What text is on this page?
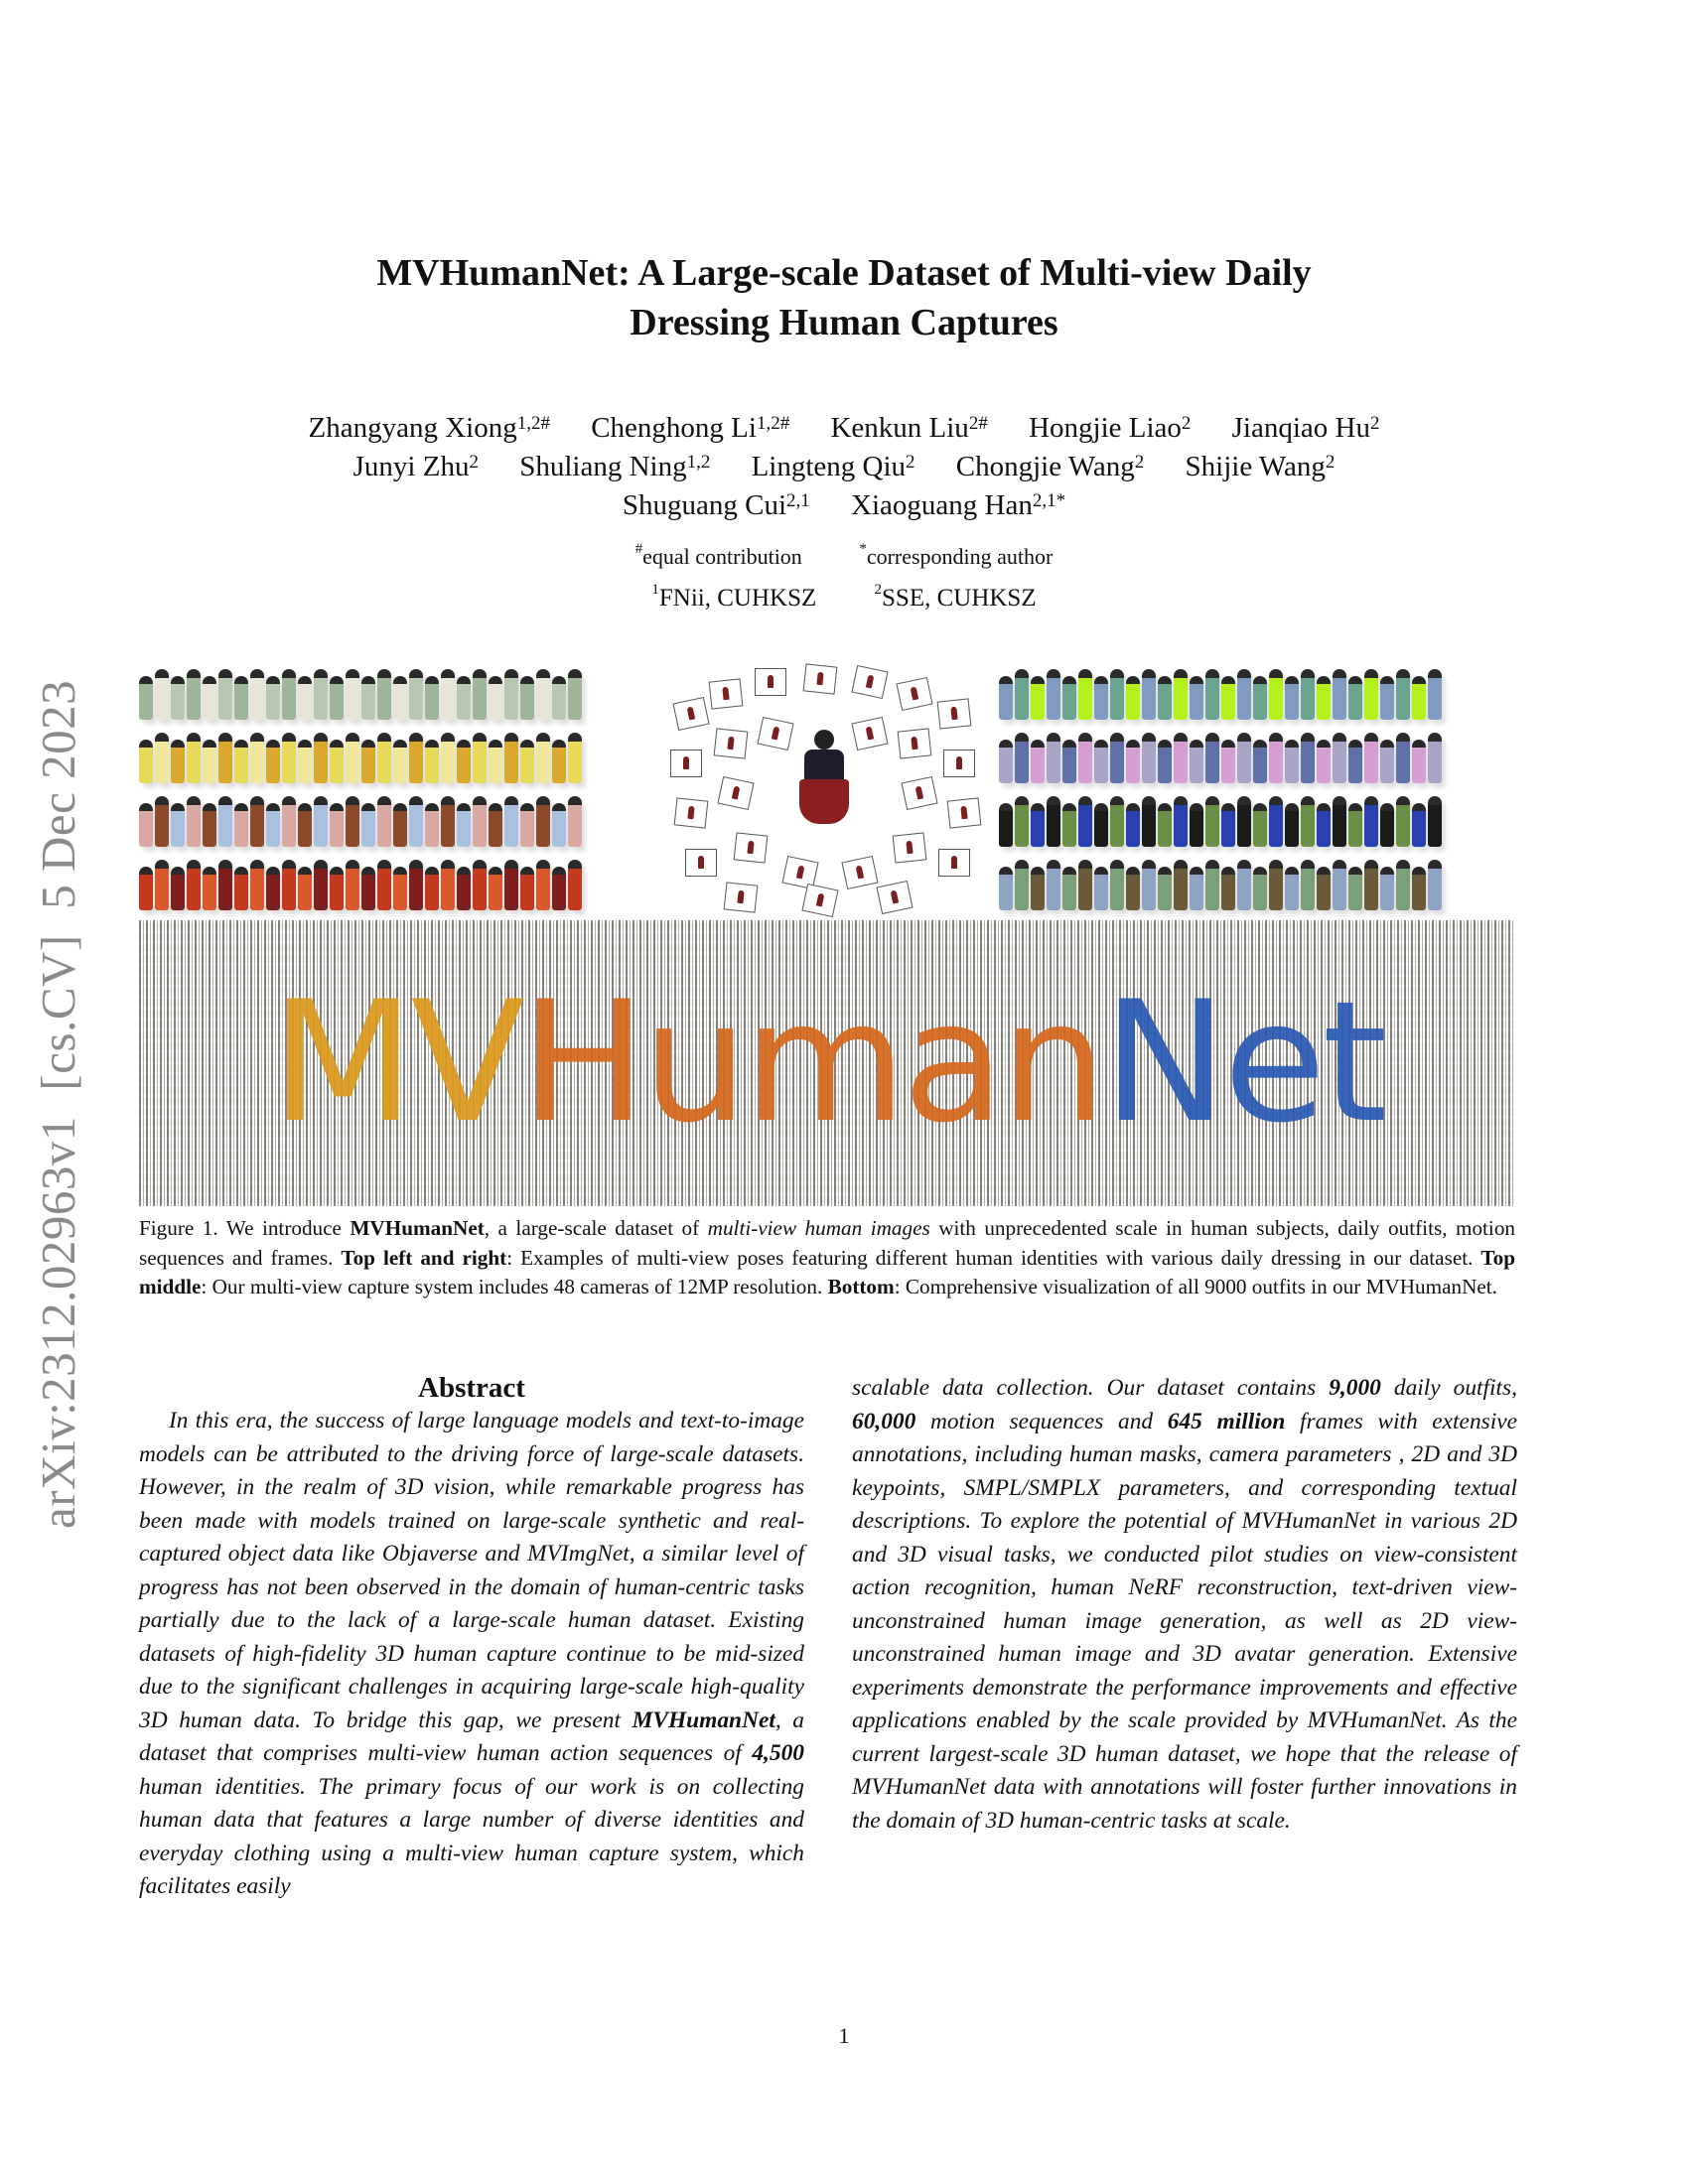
arXiv:2312.02963v1  [cs.CV]  5 Dec 2023
MVHumanNet: A Large-scale Dataset of Multi-view Daily
Dressing Human Captures
Zhangyang Xiong$^{1,2\#}$ Chenghong $Li^{1,2\#}$ Kenkun Liu$^{2\#}$ Hongjie Liao$^2$ Jianqiao Hu$^2$
Junyi Zhu$^2$ Shuliang Ning$^{1,2}$ Lingteng Qiu$^2$ Chongjie Wang$^2$ Shijie Wang$^2$
Shuguang Cui$^{2,1}$ Xiaoguang Han$^{2,1*}$
#equal contribution	*corresponding author
$^1$FNii, CUHKSZ	$^2$SSE, CUHKSZ
MVHumanNet
Figure 1. We introduce MVHumanNet, a large-scale dataset of multi-view human images with unprecedented scale in human subjects, daily outfits, motion sequences and frames. Top left and right: Examples of multi-view poses featuring different human identities with various daily dressing in our dataset. Top middle: Our multi-view capture system includes 48 cameras of 12MP resolution. Bottom: Comprehensive visualization of all 9000 outfits in our MVHumanNet.
Abstract
In this era, the success of large language models and text-to-image models can be attributed to the driving force of large-scale datasets. However, in the realm of 3D vision, while remarkable progress has been made with models trained on large-scale synthetic and real-captured object data like Objaverse and MVImgNet, a similar level of progress has not been observed in the domain of human-centric tasks partially due to the lack of a large-scale human dataset. Existing datasets of high-fidelity 3D human capture continue to be mid-sized due to the significant challenges in acquiring large-scale high-quality 3D human data. To bridge this gap, we present MVHumanNet, a dataset that comprises multi-view human action sequences of 4,500 human identities. The primary focus of our work is on collecting human data that features a large number of diverse identities and everyday clothing using a multi-view human capture system, which facilitates easily
scalable data collection. Our dataset contains 9,000 daily outfits, 60,000 motion sequences and 645 million frames with extensive annotations, including human masks, camera parameters , 2D and 3D keypoints, SMPL/SMPLX parameters, and corresponding textual descriptions. To explore the potential of MVHumanNet in various 2D and 3D visual tasks, we conducted pilot studies on view-consistent action recognition, human NeRF reconstruction, text-driven view-unconstrained human image generation, as well as 2D view-unconstrained human image and 3D avatar generation. Extensive experiments demonstrate the performance improvements and effective applications enabled by the scale provided by MVHumanNet. As the current largest-scale 3D human dataset, we hope that the release of MVHumanNet data with annotations will foster further innovations in the domain of 3D human-centric tasks at scale.
1
